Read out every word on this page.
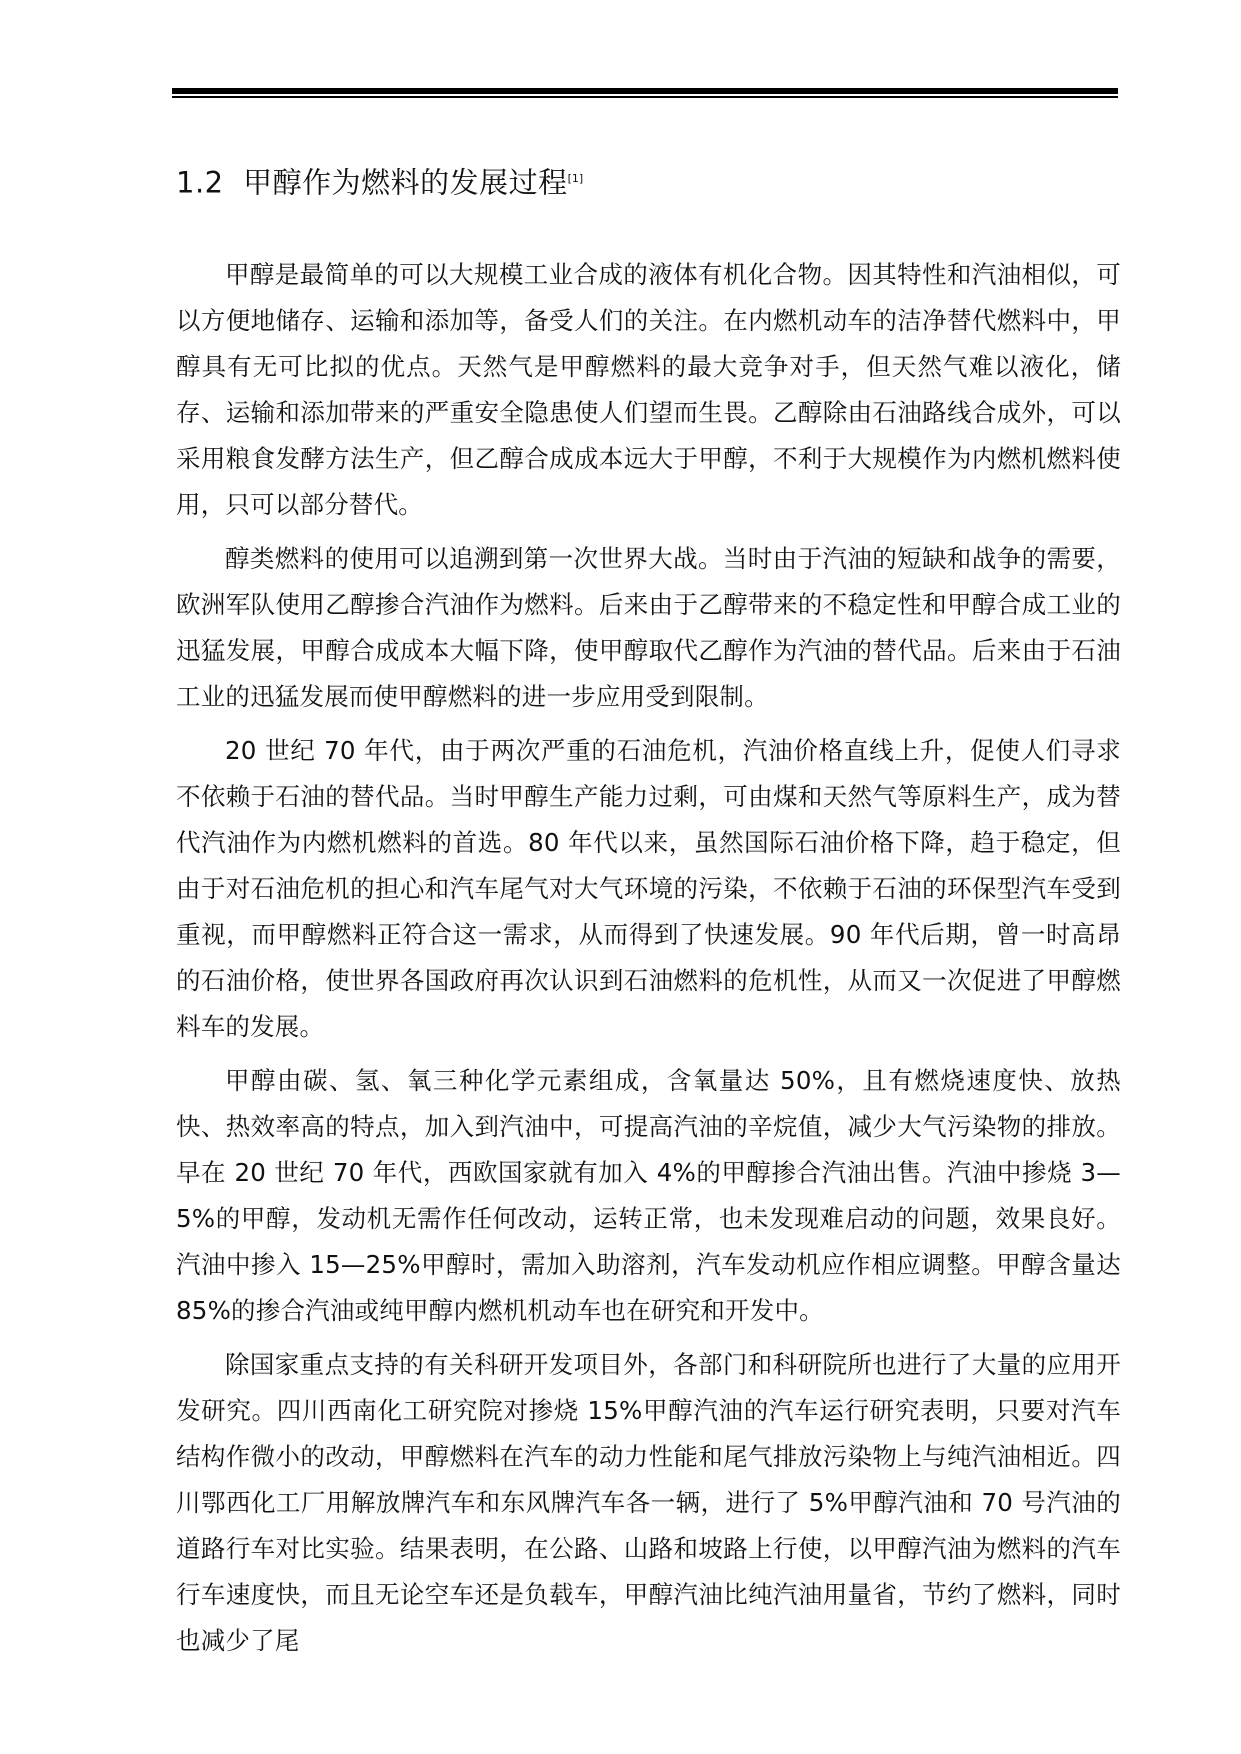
1.2 甲醇作为燃料的发展过程[1]

甲醇是最简单的可以大规模工业合成的液体有机化合物。因其特性和汽油相似，可以方便地储存、运输和添加等，备受人们的关注。在内燃机动车的洁净替代燃料中，甲醇具有无可比拟的优点。天然气是甲醇燃料的最大竞争对手，但天然气难以液化，储存、运输和添加带来的严重安全隐患使人们望而生畏。乙醇除由石油路线合成外，可以采用粮食发酵方法生产，但乙醇合成成本远大于甲醇，不利于大规模作为内燃机燃料使用，只可以部分替代。

醇类燃料的使用可以追溯到第一次世界大战。当时由于汽油的短缺和战争的需要，欧洲军队使用乙醇掺合汽油作为燃料。后来由于乙醇带来的不稳定性和甲醇合成工业的迅猛发展，甲醇合成成本大幅下降，使甲醇取代乙醇作为汽油的替代品。后来由于石油工业的迅猛发展而使甲醇燃料的进一步应用受到限制。

20 世纪 70 年代，由于两次严重的石油危机，汽油价格直线上升，促使人们寻求不依赖于石油的替代品。当时甲醇生产能力过剩，可由煤和天然气等原料生产，成为替代汽油作为内燃机燃料的首选。80 年代以来，虽然国际石油价格下降，趋于稳定，但由于对石油危机的担心和汽车尾气对大气环境的污染，不依赖于石油的环保型汽车受到重视，而甲醇燃料正符合这一需求，从而得到了快速发展。90 年代后期，曾一时高昂的石油价格，使世界各国政府再次认识到石油燃料的危机性，从而又一次促进了甲醇燃料车的发展。

甲醇由碳、氢、氧三种化学元素组成，含氧量达 50%，且有燃烧速度快、放热快、热效率高的特点，加入到汽油中，可提高汽油的辛烷值，减少大气污染物的排放。早在 20 世纪 70 年代，西欧国家就有加入 4%的甲醇掺合汽油出售。汽油中掺烧 3—5%的甲醇，发动机无需作任何改动，运转正常，也未发现难启动的问题，效果良好。汽油中掺入 15—25%甲醇时，需加入助溶剂，汽车发动机应作相应调整。甲醇含量达 85%的掺合汽油或纯甲醇内燃机机动车也在研究和开发中。

除国家重点支持的有关科研开发项目外，各部门和科研院所也进行了大量的应用开发研究。四川西南化工研究院对掺烧 15%甲醇汽油的汽车运行研究表明，只要对汽车结构作微小的改动，甲醇燃料在汽车的动力性能和尾气排放污染物上与纯汽油相近。四川鄂西化工厂用解放牌汽车和东风牌汽车各一辆，进行了 5%甲醇汽油和 70 号汽油的道路行车对比实验。结果表明，在公路、山路和坡路上行使，以甲醇汽油为燃料的汽车行车速度快，而且无论空车还是负载车，甲醇汽油比纯汽油用量省，节约了燃料，同时也减少了尾
